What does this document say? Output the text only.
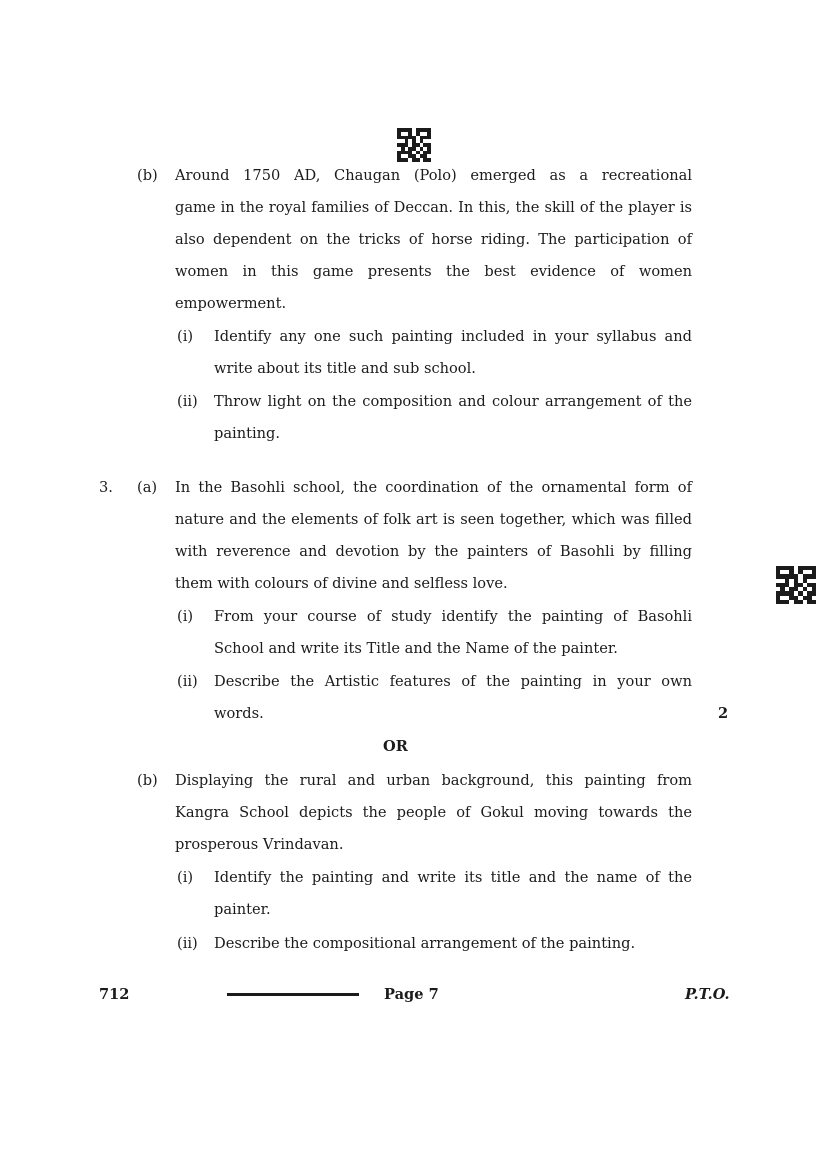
(b) Around 1750 AD, Chaugan (Polo) emerged as a recreational
game in the royal families of Deccan. In this, the skill of the player is
also dependent on the tricks of horse riding. The participation of
women in this game presents the best evidence of women
empowerment.
(i) Identify any one such painting included in your syllabus and
write about its title and sub school.
(ii) Throw light on the composition and colour arrangement of the
painting.
3. (a) In the Basohli school, the coordination of the ornamental form of
nature and the elements of folk art is seen together, which was filled
with reverence and devotion by the painters of Basohli by filling
them with colours of divine and selfless love.
(i) From your course of study identify the painting of Basohli
School and write its Title and the Name of the painter.
(ii) Describe the Artistic features of the painting in your own
words.	2
OR
(b) Displaying the rural and urban background, this painting from
Kangra School depicts the people of Gokul moving towards the
prosperous Vrindavan.
(i) Identify the painting and write its title and the name of the
painter.
(ii) Describe the compositional arrangement of the painting.
712	Page 7	P.T.O.
